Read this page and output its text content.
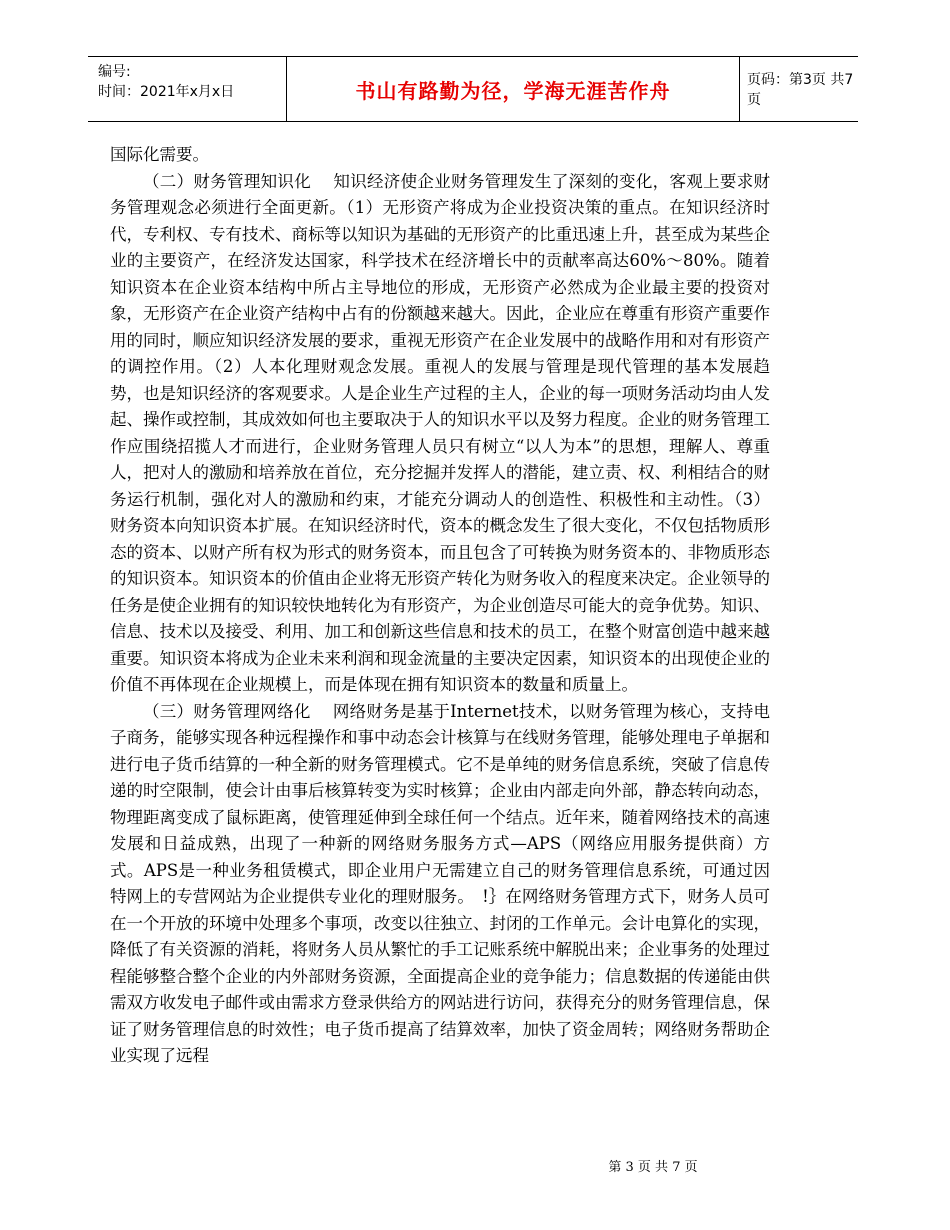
编号:
时间：2021年x月x日	书山有路勤为径，学海无涯苦作舟	页码：第3页 共7页

国际化需要。

（二）财务管理知识化　 知识经济使企业财务管理发生了深刻的变化，客观上要求财务管理观念必须进行全面更新。（1）无形资产将成为企业投资决策的重点。在知识经济时代，专利权、专有技术、商标等以知识为基础的无形资产的比重迅速上升，甚至成为某些企业的主要资产，在经济发达国家，科学技术在经济增长中的贡献率高达60%～80%。随着知识资本在企业资本结构中所占主导地位的形成，无形资产必然成为企业最主要的投资对象，无形资产在企业资产结构中占有的份额越来越大。因此，企业应在尊重有形资产重要作用的同时，顺应知识经济发展的要求，重视无形资产在企业发展中的战略作用和对有形资产的调控作用。（2）人本化理财观念发展。重视人的发展与管理是现代管理的基本发展趋势，也是知识经济的客观要求。人是企业生产过程的主人，企业的每一项财务活动均由人发起、操作或控制，其成效如何也主要取决于人的知识水平以及努力程度。企业的财务管理工作应围绕招揽人才而进行，企业财务管理人员只有树立“以人为本”的思想，理解人、尊重人，把对人的激励和培养放在首位，充分挖掘并发挥人的潜能，建立责、权、利相结合的财务运行机制，强化对人的激励和约束，才能充分调动人的创造性、积极性和主动性。（3）财务资本向知识资本扩展。在知识经济时代，资本的概念发生了很大变化，不仅包括物质形态的资本、以财产所有权为形式的财务资本，而且包含了可转换为财务资本的、非物质形态的知识资本。知识资本的价值由企业将无形资产转化为财务收入的程度来决定。企业领导的任务是使企业拥有的知识较快地转化为有形资产，为企业创造尽可能大的竞争优势。知识、信息、技术以及接受、利用、加工和创新这些信息和技术的员工，在整个财富创造中越来越重要。知识资本将成为企业未来利润和现金流量的主要决定因素，知识资本的出现使企业的价值不再体现在企业规模上，而是体现在拥有知识资本的数量和质量上。

（三）财务管理网络化　 网络财务是基于Internet技术，以财务管理为核心，支持电子商务，能够实现各种远程操作和事中动态会计核算与在线财务管理，能够处理电子单据和进行电子货币结算的一种全新的财务管理模式。它不是单纯的财务信息系统，突破了信息传递的时空限制，使会计由事后核算转变为实时核算；企业由内部走向外部，静态转向动态，物理距离变成了鼠标距离，使管理延伸到全球任何一个结点。近年来，随着网络技术的高速发展和日益成熟，出现了一种新的网络财务服务方式—APS（网络应用服务提供商）方式。APS是一种业务租赁模式，即企业用户无需建立自己的财务管理信息系统，可通过因特网上的专营网站为企业提供专业化的理财服务。　!｝在网络财务管理方式下，财务人员可在一个开放的环境中处理多个事项，改变以往独立、封闭的工作单元。会计电算化的实现，降低了有关资源的消耗，将财务人员从繁忙的手工记账系统中解脱出来；企业事务的处理过程能够整合整个企业的内外部财务资源，全面提高企业的竞争能力；信息数据的传递能由供需双方收发电子邮件或由需求方登录供给方的网站进行访问，获得充分的财务管理信息，保证了财务管理信息的时效性；电子货币提高了结算效率，加快了资金周转；网络财务帮助企业实现了远程

第 3 页 共 7 页
